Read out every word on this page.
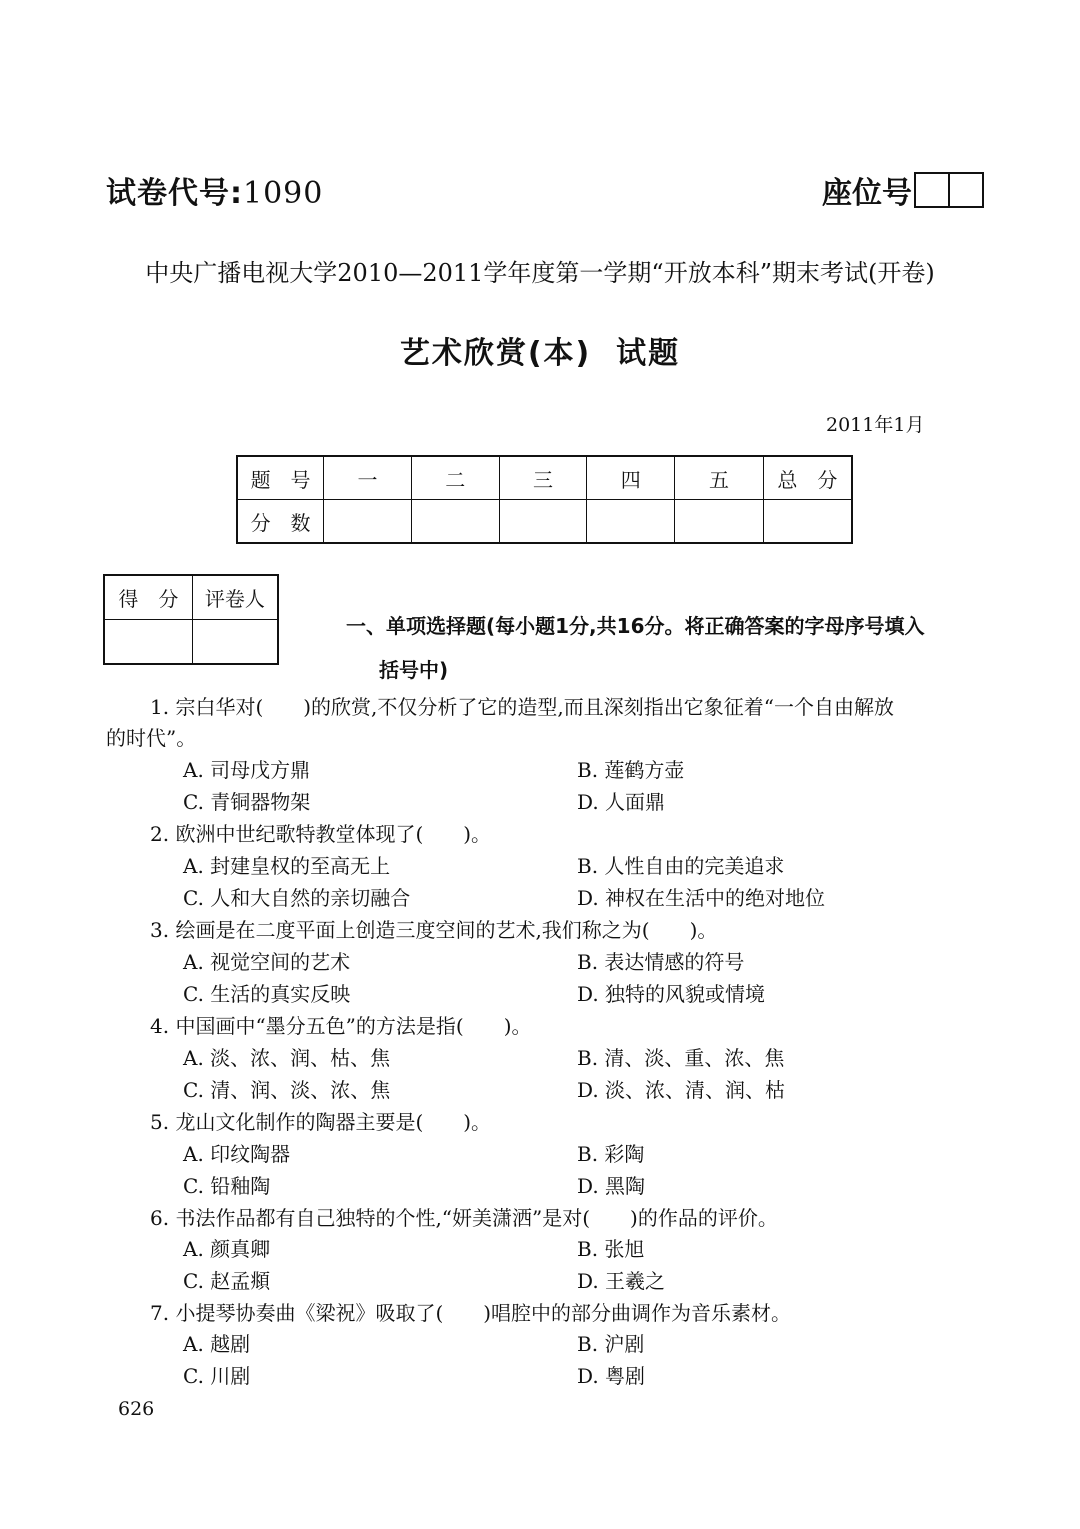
试卷代号:1090	座位号
中央广播电视大学2010—2011学年度第一学期“开放本科”期末考试(开卷)
艺术欣赏(本)  试题
2011年1月
题　号	一	二	三	四	五	总　分
分　数						
得　分	评卷人

一、单项选择题(每小题1分,共16分。将正确答案的字母序号填入
括号中)
1. 宗白华对(　　)的欣赏,不仅分析了它的造型,而且深刻指出它象征着“一个自由解放
的时代”。
A. 司母戊方鼎	B. 莲鹤方壶
C. 青铜器物架	D. 人面鼎
2. 欧洲中世纪歌特教堂体现了(　　)。
A. 封建皇权的至高无上	B. 人性自由的完美追求
C. 人和大自然的亲切融合	D. 神权在生活中的绝对地位
3. 绘画是在二度平面上创造三度空间的艺术,我们称之为(　　)。
A. 视觉空间的艺术	B. 表达情感的符号
C. 生活的真实反映	D. 独特的风貌或情境
4. 中国画中“墨分五色”的方法是指(　　)。
A. 淡、浓、润、枯、焦	B. 清、淡、重、浓、焦
C. 清、润、淡、浓、焦	D. 淡、浓、清、润、枯
5. 龙山文化制作的陶器主要是(　　)。
A. 印纹陶器	B. 彩陶
C. 铅釉陶	D. 黑陶
6. 书法作品都有自己独特的个性,“妍美潇洒”是对(　　)的作品的评价。
A. 颜真卿	B. 张旭
C. 赵孟頫	D. 王羲之
7. 小提琴协奏曲《梁祝》吸取了(　　)唱腔中的部分曲调作为音乐素材。
A. 越剧	B. 沪剧
C. 川剧	D. 粤剧
626
